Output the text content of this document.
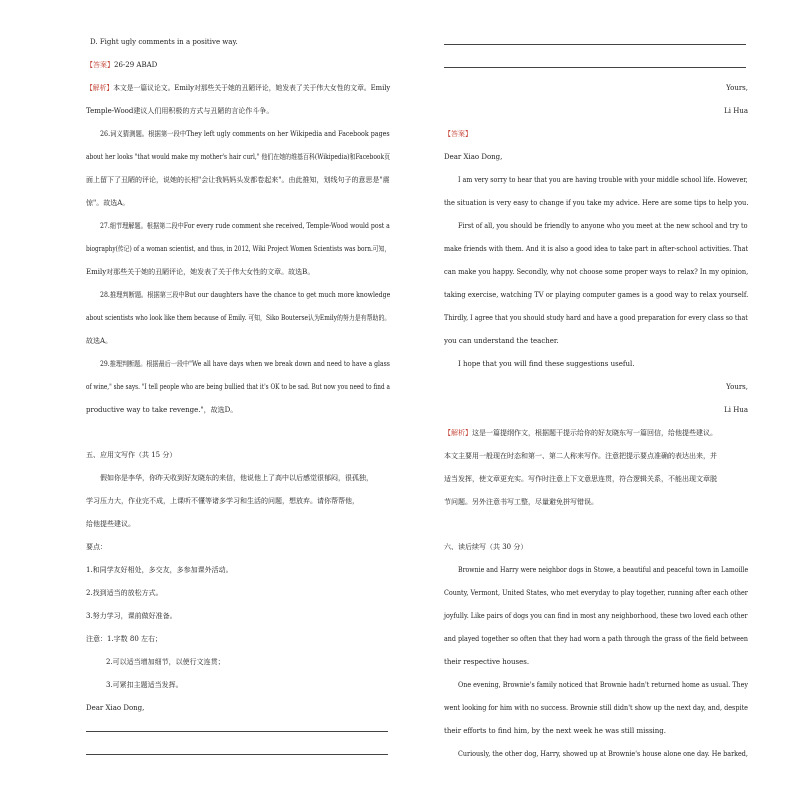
D. Fight ugly comments in a positive way.
【答案】26-29 ABAD
【解析】本文是一篇议论文。Emily对那些关于她的丑陋评论，她发表了关于伟大女性的文章。Emily
Temple-Wood建议人们用积极的方式与丑陋的言论作斗争。
26.词义猜测题。根据第一段中They left ugly comments on her Wikipedia and Facebook pages
about her looks "that would make my mother's hair curl," 他们在她的维基百科(Wikipedia)和Facebook页
面上留下了丑陋的评论，说她的长相"会让我妈妈头发都卷起来"。由此推知，划线句子的意思是"震
惊"。故选A。
27.细节理解题。根据第二段中For every rude comment she received, Temple-Wood would post a
biography(传记) of a woman scientist, and thus, in 2012, Wiki Project Women Scientists was born.可知，
Emily对那些关于她的丑陋评论，她发表了关于伟大女性的文章。故选B。
28.推理判断题。根据第三段中But our daughters have the chance to get much more knowledge
about scientists who look like them because of Emily. 可知，Siko Bouterse认为Emily的努力是有帮助的。
故选A。
29.推理判断题。根据最后一段中"We all have days when we break down and need to have a glass
of wine," she says. "I tell people who are being bullied that it's OK to be sad. But now you need to find a
productive way to take revenge."，故选D。
五、应用文写作（共 15 分）
假如你是李华，你昨天收到好友晓东的来信，他说他上了高中以后感觉很郁闷，很孤独，
学习压力大，作业完不成，上课听不懂等诸多学习和生活的问题，想放弃。请你帮帮他，
给他提些建议。
要点：
1.和同学友好相处，多交友，多参加课外活动。
2.找到适当的放松方式。
3.努力学习，课前做好准备。
注意：1.字数 80 左右；
2.可以适当增加细节，以使行文连贯；
3.可紧扣主题适当发挥。
Dear Xiao Dong,
Yours,
Li Hua
【答案】
Dear Xiao Dong,
I am very sorry to hear that you are having trouble with your middle school life. However,
the situation is very easy to change if you take my advice. Here are some tips to help you.
First of all, you should be friendly to anyone who you meet at the new school and try to
make friends with them. And it is also a good idea to take part in after-school activities. That
can make you happy. Secondly, why not choose some proper ways to relax? In my opinion,
taking exercise, watching TV or playing computer games is a good way to relax yourself.
Thirdly, I agree that you should study hard and have a good preparation for every class so that
you can understand the teacher.
I hope that you will find these suggestions useful.
Yours,
Li Hua
【解析】这是一篇提纲作文，根据题干提示给你的好友晓东写一篇回信，给他提些建议。
本文主要用一般现在时态和第一、第二人称来写作。注意把提示要点准确的表达出来，并
适当发挥，使文章更充实。写作时注意上下文意思连贯，符合逻辑关系，不能出现文章脱
节问题。另外注意书写工整，尽量避免拼写错误。
六、读后续写（共 30 分）
Brownie and Harry were neighbor dogs in Stowe, a beautiful and peaceful town in Lamoille
County, Vermont, United States, who met everyday to play together, running after each other
joyfully. Like pairs of dogs you can find in most any neighborhood, these two loved each other
and played together so often that they had worn a path through the grass of the field between
their respective houses.
One evening, Brownie's family noticed that Brownie hadn't returned home as usual. They
went looking for him with no success. Brownie still didn't show up the next day, and, despite
their efforts to find him, by the next week he was still missing.
Curiously, the other dog, Harry, showed up at Brownie's house alone one day. He barked,
